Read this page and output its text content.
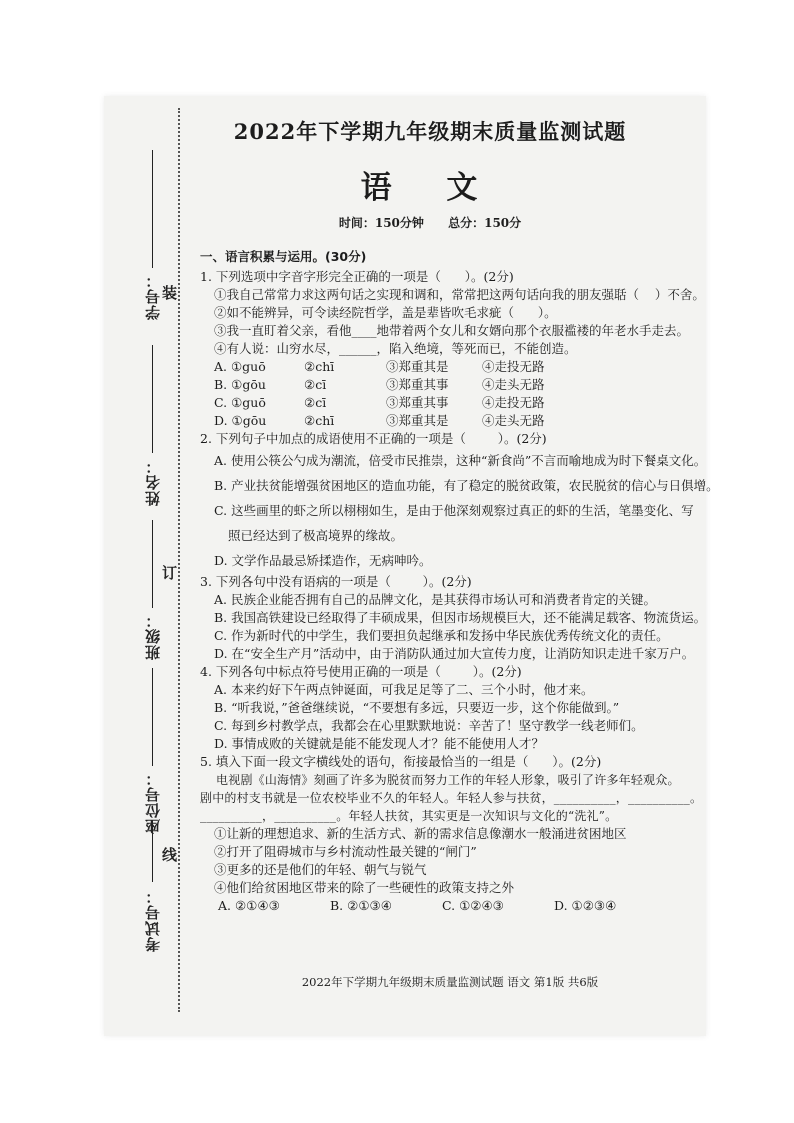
学号：
姓名：
班级：
座位号：
考试号：
装
订
线
2022年下学期九年级期末质量监测试题
语 文
时间：150分钟 总分：150分
一、语言积累与运用。(30分)
1. 下列选项中字音字形完全正确的一项是（      ）。(2分)
①我自己常常力求这两句话之实现和调和，常常把这两句话向我的朋友强聒（    ）不舍。
②如不能辨异，可令读经院哲学，盖是辈皆吹毛求疵（      ）。
③我一直盯着父亲，看他____地带着两个女儿和女婿向那个衣服褴褛的年老水手走去。
④有人说：山穷水尽，______，陷入绝境，等死而已，不能创造。
A. ①guō	②chī	③郑重其是	④走投无路
B. ①gōu	②cī	③郑重其事	④走头无路
C. ①guō	②cī	③郑重其事	④走投无路
D. ①gōu	②chī	③郑重其是	④走头无路
2. 下列句子中加点的成语使用不正确的一项是（        ）。(2分)
A. 使用公筷公勺成为潮流，倍受市民推崇，这种“新食尚”不言而喻地成为时下餐桌文化。
B. 产业扶贫能增强贫困地区的造血功能，有了稳定的脱贫政策，农民脱贫的信心与日俱增。
C. 这些画里的虾之所以栩栩如生，是由于他深刻观察过真正的虾的生活，笔墨变化、写
照已经达到了极高境界的缘故。
D. 文学作品最忌矫揉造作，无病呻吟。
3. 下列各句中没有语病的一项是（        ）。(2分)
A. 民族企业能否拥有自己的品牌文化，是其获得市场认可和消费者肯定的关键。
B. 我国高铁建设已经取得了丰硕成果，但因市场规模巨大，还不能满足载客、物流货运。
C. 作为新时代的中学生，我们要担负起继承和发扬中华民族优秀传统文化的责任。
D. 在“安全生产月”活动中，由于消防队通过加大宣传力度，让消防知识走进千家万户。
4. 下列各句中标点符号使用正确的一项是（        ）。(2分)
A. 本来约好下午两点钟诞面，可我足足等了二、三个小时，他才来。
B. “听我说，”爸爸继续说，“不要想有多远，只要迈一步，这个你能做到。”
C. 每到乡村教学点，我都会在心里默默地说：辛苦了！坚守教学一线老师们。
D. 事情成败的关键就是能不能发现人才？能不能使用人才？
5. 填入下面一段文字横线处的语句，衔接最恰当的一组是（      ）。(2分)
电视剧《山海情》刻画了许多为脱贫而努力工作的年轻人形象，吸引了许多年轻观众。
剧中的村支书就是一位农校毕业不久的年轻人。年轻人参与扶贫，__________，__________。
__________，__________。年轻人扶贫，其实更是一次知识与文化的“洗礼”。
①让新的理想追求、新的生活方式、新的需求信息像潮水一般涌进贫困地区
②打开了阻碍城市与乡村流动性最关键的“闸门”
③更多的还是他们的年轻、朝气与锐气
④他们给贫困地区带来的除了一些硬性的政策支持之外
A. ②①④③	B. ②①③④	C. ①②④③	D. ①②③④
2022年下学期九年级期末质量监测试题 语文 第1版 共6版
